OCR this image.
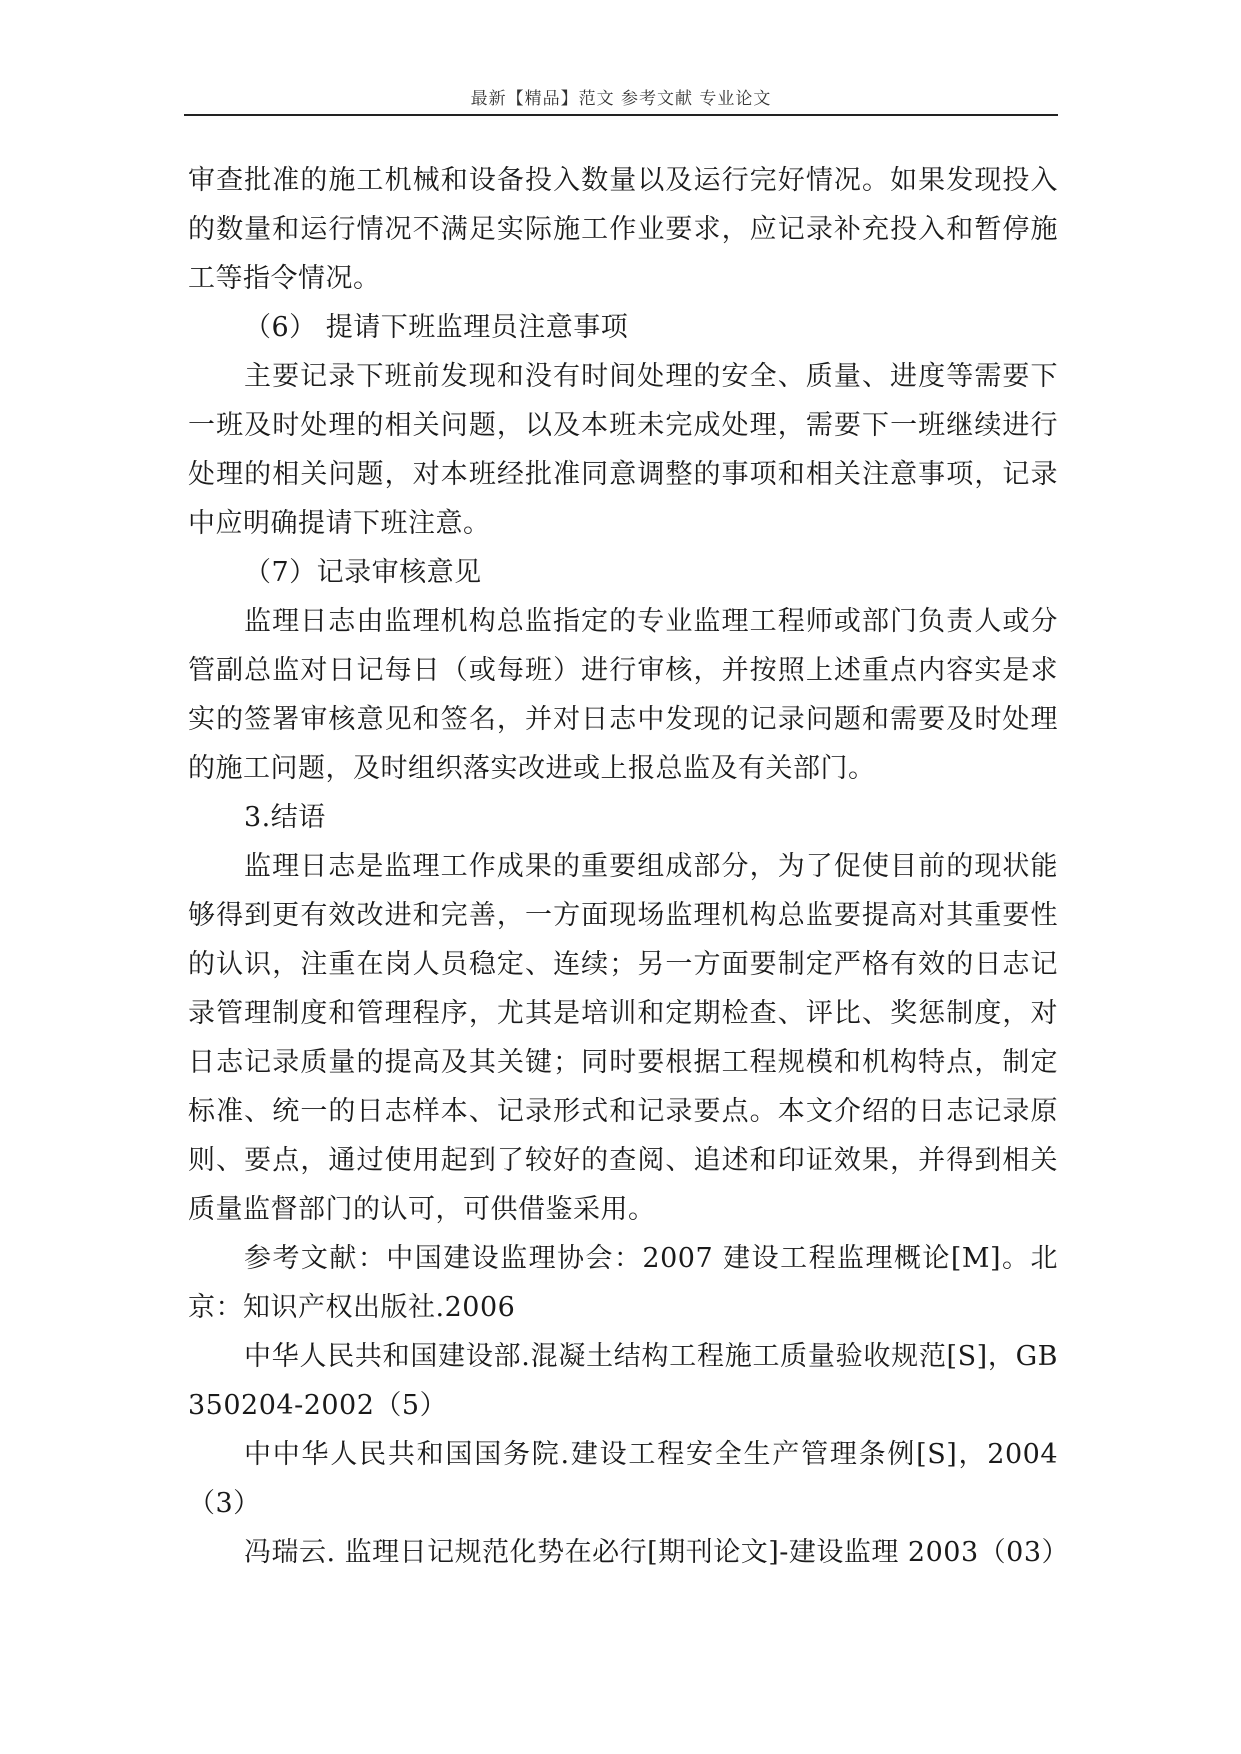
最新【精品】范文 参考文献 专业论文

审查批准的施工机械和设备投入数量以及运行完好情况。如果发现投入的数量和运行情况不满足实际施工作业要求，应记录补充投入和暂停施工等指令情况。

（6） 提请下班监理员注意事项

主要记录下班前发现和没有时间处理的安全、质量、进度等需要下一班及时处理的相关问题，以及本班未完成处理，需要下一班继续进行处理的相关问题，对本班经批准同意调整的事项和相关注意事项，记录中应明确提请下班注意。

（7）记录审核意见

监理日志由监理机构总监指定的专业监理工程师或部门负责人或分管副总监对日记每日（或每班）进行审核，并按照上述重点内容实是求实的签署审核意见和签名，并对日志中发现的记录问题和需要及时处理的施工问题，及时组织落实改进或上报总监及有关部门。

3.结语

监理日志是监理工作成果的重要组成部分，为了促使目前的现状能够得到更有效改进和完善，一方面现场监理机构总监要提高对其重要性的认识，注重在岗人员稳定、连续；另一方面要制定严格有效的日志记录管理制度和管理程序，尤其是培训和定期检查、评比、奖惩制度，对日志记录质量的提高及其关键；同时要根据工程规模和机构特点，制定标准、统一的日志样本、记录形式和记录要点。本文介绍的日志记录原则、要点，通过使用起到了较好的查阅、追述和印证效果，并得到相关质量监督部门的认可，可供借鉴采用。

参考文献：中国建设监理协会：2007 建设工程监理概论[M]。北京：知识产权出版社.2006

中华人民共和国建设部.混凝土结构工程施工质量验收规范[S]，GB350204-2002（5）

中中华人民共和国国务院.建设工程安全生产管理条例[S]，2004（3）

冯瑞云. 监理日记规范化势在必行[期刊论文]-建设监理 2003（03）
